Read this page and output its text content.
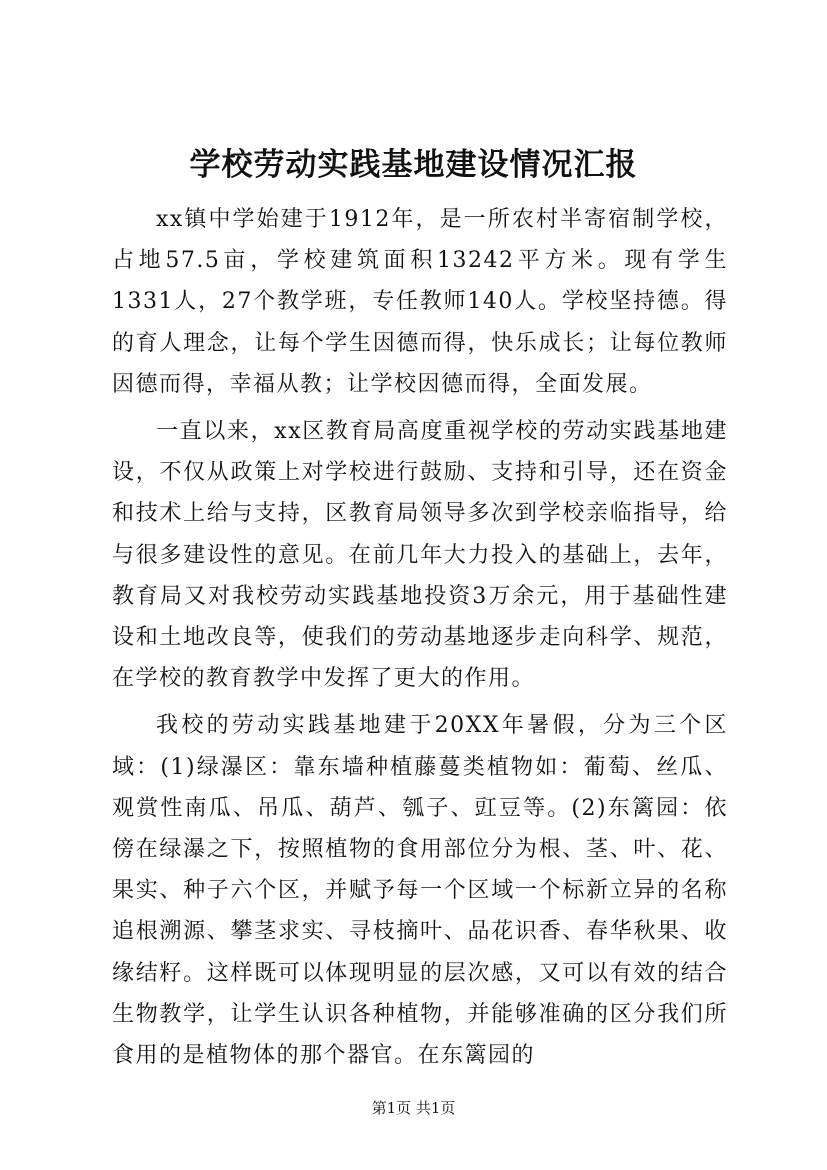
学校劳动实践基地建设情况汇报

xx镇中学始建于1912年，是一所农村半寄宿制学校，占地57.5亩，学校建筑面积13242平方米。现有学生1331人，27个教学班，专任教师140人。学校坚持德。得的育人理念，让每个学生因德而得，快乐成长；让每位教师因德而得，幸福从教；让学校因德而得，全面发展。

一直以来，xx区教育局高度重视学校的劳动实践基地建设，不仅从政策上对学校进行鼓励、支持和引导，还在资金和技术上给与支持，区教育局领导多次到学校亲临指导，给与很多建设性的意见。在前几年大力投入的基础上，去年，教育局又对我校劳动实践基地投资3万余元，用于基础性建设和土地改良等，使我们的劳动基地逐步走向科学、规范，在学校的教育教学中发挥了更大的作用。

我校的劳动实践基地建于20XX年暑假，分为三个区域：(1)绿瀑区：靠东墙种植藤蔓类植物如：葡萄、丝瓜、观赏性南瓜、吊瓜、葫芦、瓠子、豇豆等。(2)东篱园：依傍在绿瀑之下，按照植物的食用部位分为根、茎、叶、花、果实、种子六个区，并赋予每一个区域一个标新立异的名称追根溯源、攀茎求实、寻枝摘叶、品花识香、春华秋果、收缘结籽。这样既可以体现明显的层次感，又可以有效的结合生物教学，让学生认识各种植物，并能够准确的区分我们所食用的是植物体的那个器官。在东篱园的

第1页 共1页
